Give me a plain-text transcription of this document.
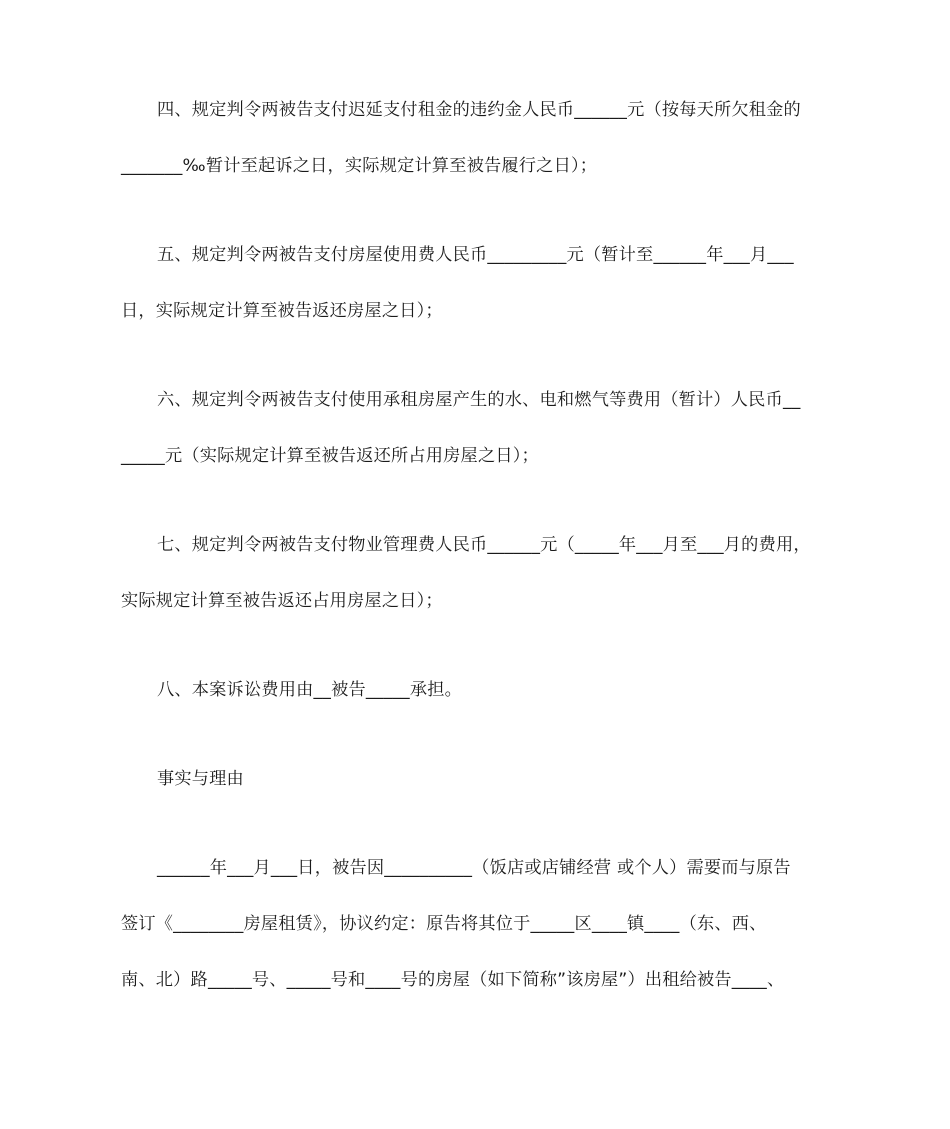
四、规定判令两被告支付迟延支付租金的违约金人民币______元（按每天所欠租金的
_______‰暂计至起诉之日，实际规定计算至被告履行之日）；
五、规定判令两被告支付房屋使用费人民币_________元（暂计至______年___月___
日，实际规定计算至被告返还房屋之日）；
六、规定判令两被告支付使用承租房屋产生的水、电和燃气等费用（暂计）人民币__
_____元（实际规定计算至被告返还所占用房屋之日）；
七、规定判令两被告支付物业管理费人民币______元（_____年___月至___月的费用，
实际规定计算至被告返还占用房屋之日）；
八、本案诉讼费用由__被告_____承担。
事实与理由
______年___月___日，被告因__________（饭店或店铺经营 或个人）需要而与原告
签订《________房屋租赁》，协议约定：原告将其位于_____区____镇____（东、西、
南、北）路_____号、_____号和____号的房屋（如下简称”该房屋”）出租给被告____、
